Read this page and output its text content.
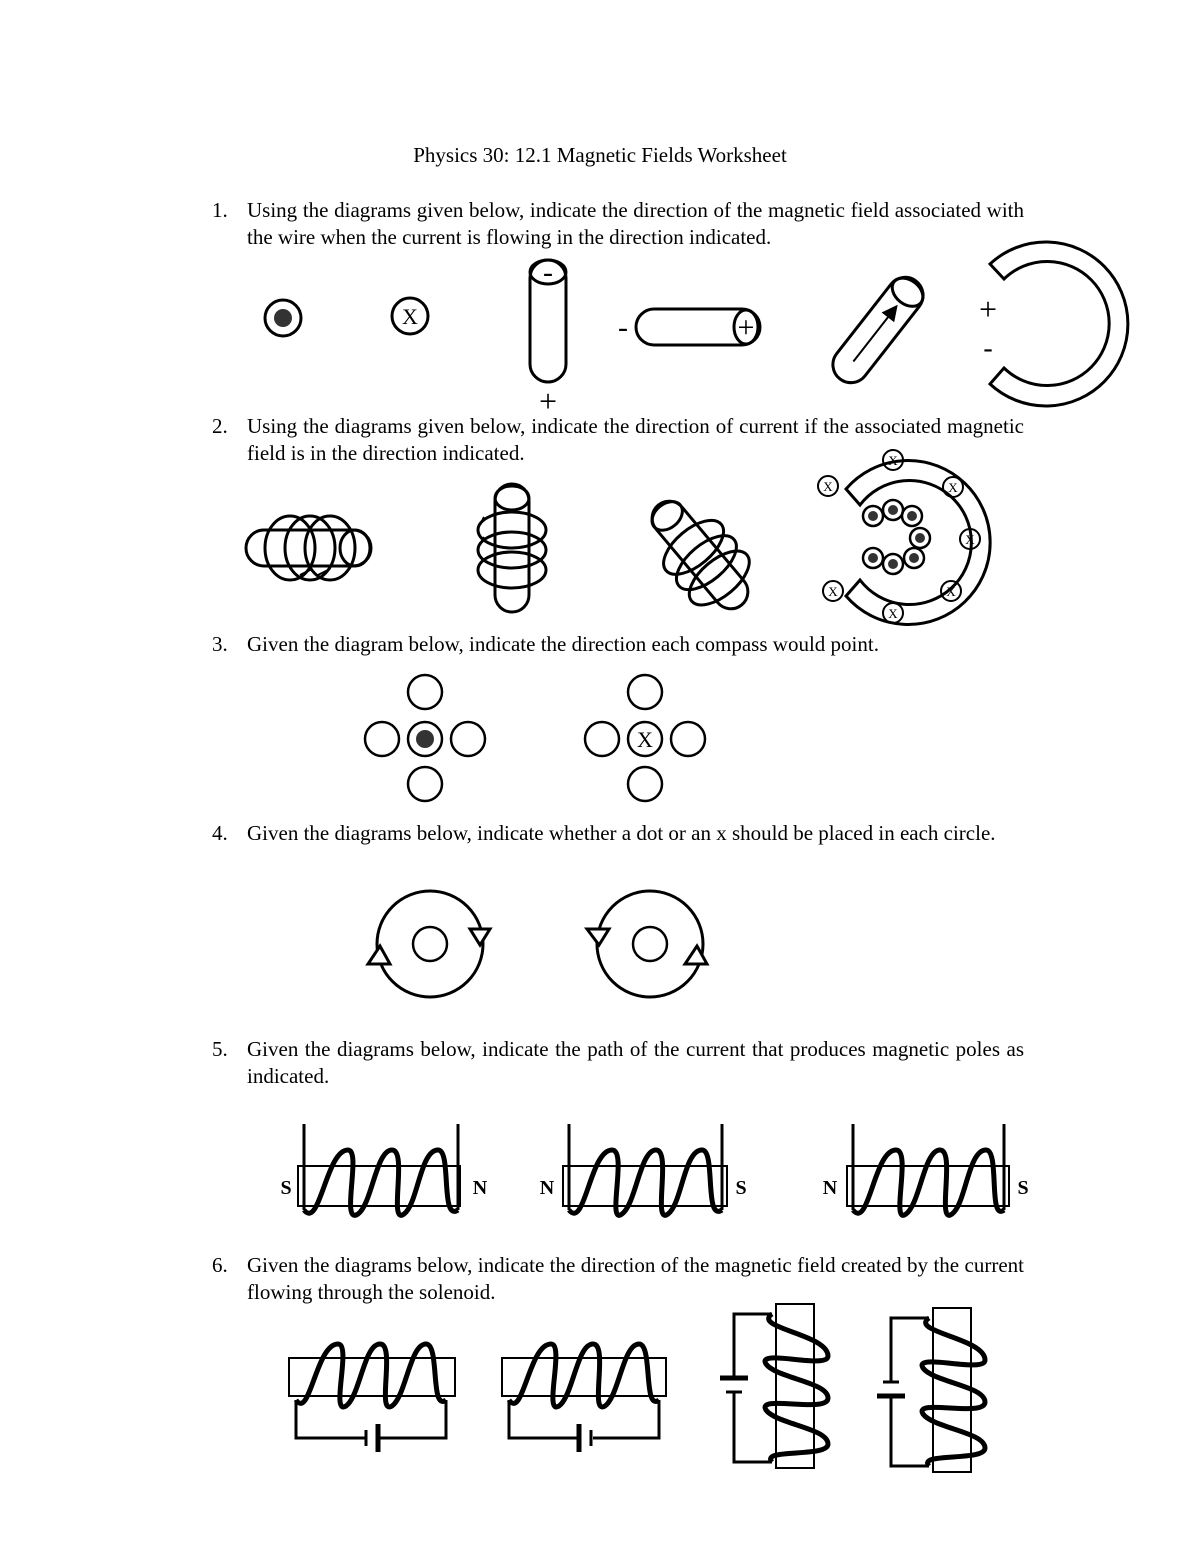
Physics 30: 12.1 Magnetic Fields Worksheet
1. Using the diagrams given below, indicate the direction of the magnetic field associated with the wire when the current is flowing in the direction indicated.
2. Using the diagrams given below, indicate the direction of current if the associated magnetic field is in the direction indicated.
3. Given the diagram below, indicate the direction each compass would point.
4. Given the diagrams below, indicate whether a dot or an x should be placed in each circle.
5. Given the diagrams below, indicate the path of the current that produces magnetic poles as indicated.
6. Given the diagrams below, indicate the direction of the magnetic field created by the current flowing through the solenoid.
X
-
+
+
-
+
-
X
X	X
X
X
X
X
X
S	N	N	S	N	S
